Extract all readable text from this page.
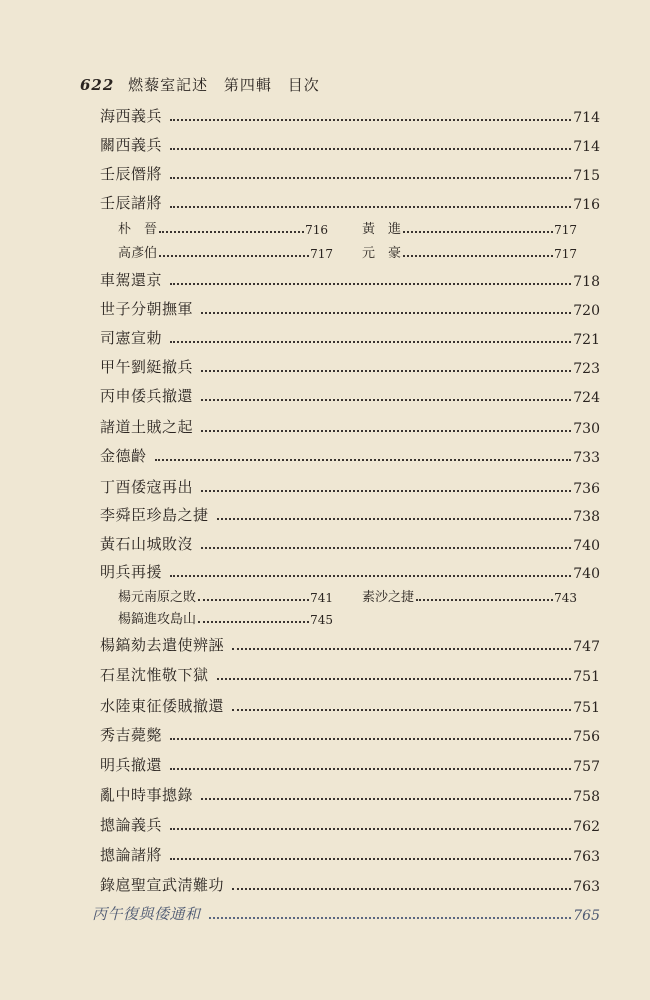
622 燃藜室記述 第四輯 目次
海西義兵	714
關西義兵	714
壬辰僭將	715
壬辰諸將	716
朴　晉	716	黃　進	717
高彥伯	717 元　豪	717
車駕還京	718
世子分朝撫軍	720
司憲宣勅	721
甲午劉綎撤兵	723
丙申倭兵撤還	724
諸道土賊之起	730
金德齡	733
丁酉倭寇再出	736
李舜臣珍島之捷	738
黃石山城敗沒	740
明兵再援	740
楊元南原之敗	741 素沙之捷	743
楊鎬進攻島山	745
楊鎬劾去遣使辨誣	747
石星沈惟敬下獄	751
水陸東征倭賊撤還	751
秀吉薨斃	756
明兵撤還	757
亂中時事摠錄	758
摠論義兵	762
摠論諸將	763
錄扈聖宣武淸難功	763
丙午復與倭通和	765
